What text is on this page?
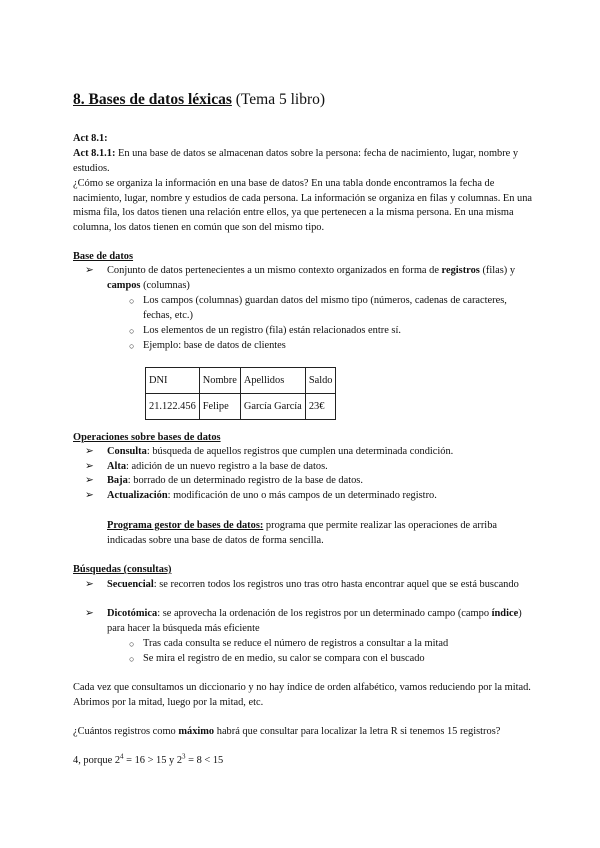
8. Bases de datos léxicas (Tema 5 libro)
Act 8.1:
Act 8.1.1: En una base de datos se almacenan datos sobre la persona: fecha de nacimiento, lugar, nombre y estudios.
¿Cómo se organiza la información en una base de datos? En una tabla donde encontramos la fecha de nacimiento, lugar, nombre y estudios de cada persona. La información se organiza en filas y columnas. En una misma fila, los datos tienen una relación entre ellos, ya que pertenecen a la misma persona. En una misma columna, los datos tienen en común que son del mismo tipo.
Base de datos
➢	Conjunto de datos pertenecientes a un mismo contexto organizados en forma de registros (filas) y campos (columnas)
○ Los campos (columnas) guardan datos del mismo tipo (números, cadenas de caracteres, fechas, etc.)
○ Los elementos de un registro (fila) están relacionados entre sí.
○ Ejemplo: base de datos de clientes
DNI	Nombre	Apellidos	Saldo
21.122.456	Felipe	García García	23€
Operaciones sobre bases de datos
➢	Consulta: búsqueda de aquellos registros que cumplen una determinada condición.
➢	Alta: adición de un nuevo registro a la base de datos.
➢	Baja: borrado de un determinado registro de la base de datos.
➢	Actualización: modificación de uno o más campos de un determinado registro.
Programa gestor de bases de datos: programa que permite realizar las operaciones de arriba indicadas sobre una base de datos de forma sencilla.
Búsquedas (consultas)
➢	Secuencial: se recorren todos los registros uno tras otro hasta encontrar aquel que se está buscando
➢	Dicotómica: se aprovecha la ordenación de los registros por un determinado campo (campo índice) para hacer la búsqueda más eficiente
○ Tras cada consulta se reduce el número de registros a consultar a la mitad
○ Se mira el registro de en medio, su calor se compara con el buscado
Cada vez que consultamos un diccionario y no hay índice de orden alfabético, vamos reduciendo por la mitad. Abrimos por la mitad, luego por la mitad, etc.
¿Cuántos registros como máximo habrá que consultar para localizar la letra R si tenemos 15 registros?
4, porque $2^4 = 16 > 15$ y $2^3 = 8 < 15$
